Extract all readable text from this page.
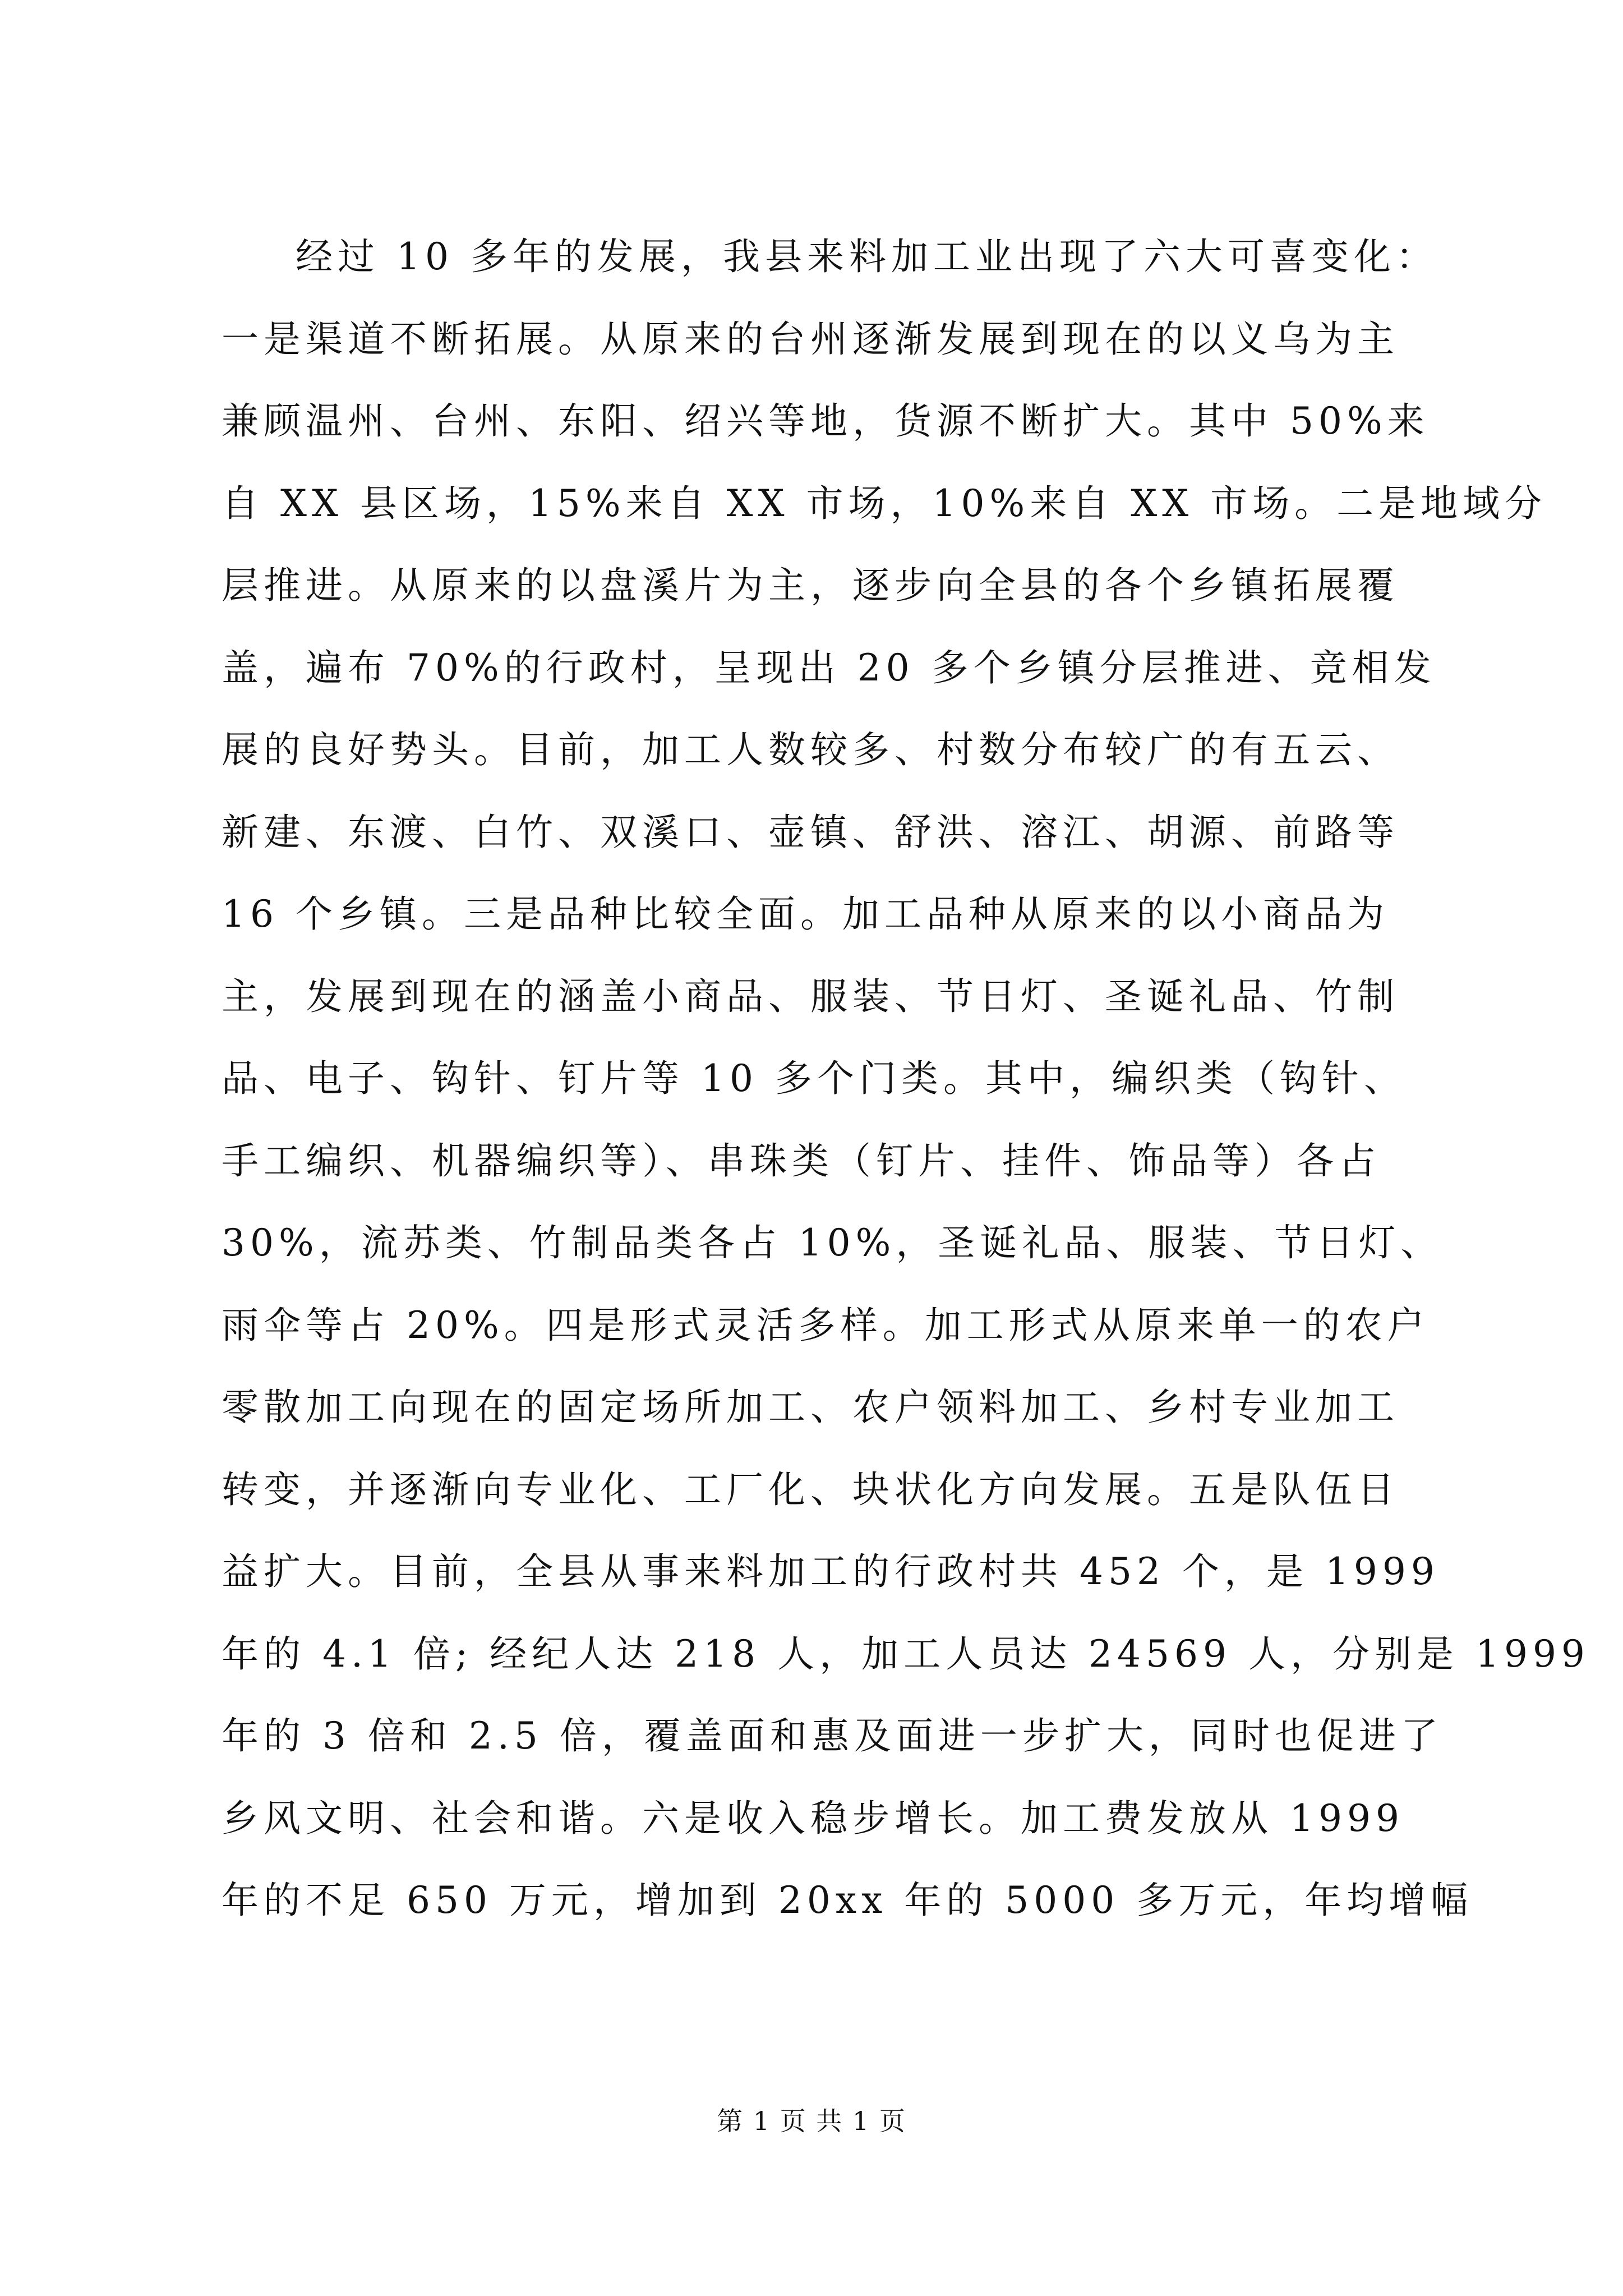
经过 10 多年的发展，我县来料加工业出现了六大可喜变化：
一是渠道不断拓展。从原来的台州逐渐发展到现在的以义乌为主
兼顾温州、台州、东阳、绍兴等地，货源不断扩大。其中 50%来
自 XX 县区场，15%来自 XX 市场，10%来自 XX 市场。二是地域分
层推进。从原来的以盘溪片为主，逐步向全县的各个乡镇拓展覆
盖，遍布 70%的行政村，呈现出 20 多个乡镇分层推进、竞相发
展的良好势头。目前，加工人数较多、村数分布较广的有五云、
新建、东渡、白竹、双溪口、壶镇、舒洪、溶江、胡源、前路等
16 个乡镇。三是品种比较全面。加工品种从原来的以小商品为
主，发展到现在的涵盖小商品、服装、节日灯、圣诞礼品、竹制
品、电子、钩针、钉片等 10 多个门类。其中，编织类（钩针、
手工编织、机器编织等）、串珠类（钉片、挂件、饰品等）各占
30%，流苏类、竹制品类各占 10%，圣诞礼品、服装、节日灯、
雨伞等占 20%。四是形式灵活多样。加工形式从原来单一的农户
零散加工向现在的固定场所加工、农户领料加工、乡村专业加工
转变，并逐渐向专业化、工厂化、块状化方向发展。五是队伍日
益扩大。目前，全县从事来料加工的行政村共 452 个，是 1999
年的 4.1 倍; 经纪人达 218 人，加工人员达 24569 人，分别是 1999
年的 3 倍和 2.5 倍，覆盖面和惠及面进一步扩大，同时也促进了
乡风文明、社会和谐。六是收入稳步增长。加工费发放从 1999
年的不足 650 万元，增加到 20xx 年的 5000 多万元，年均增幅
第 1 页 共 1 页
